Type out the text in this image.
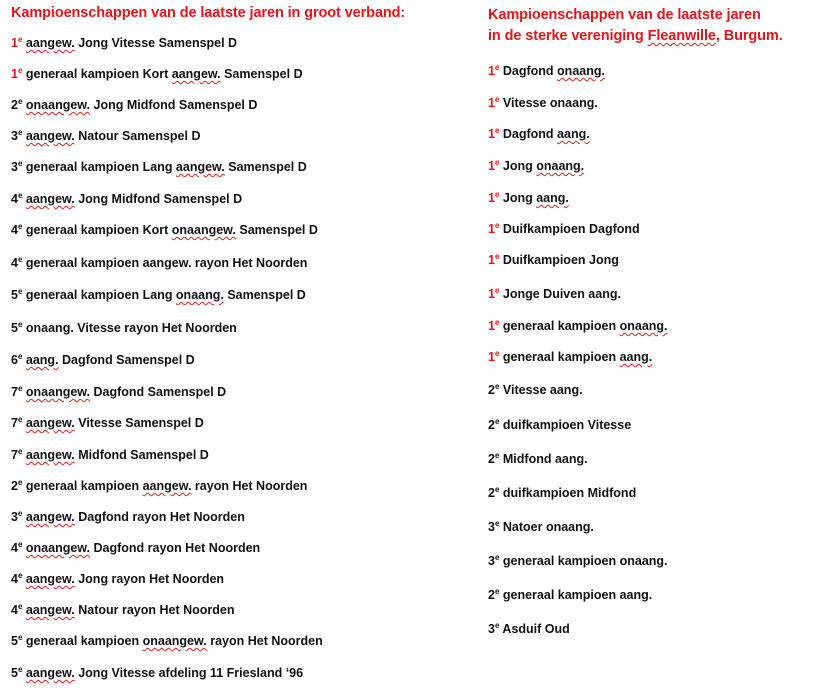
Kampioenschappen van de laatste jaren in groot verband:
1e aangew. Jong Vitesse Samenspel D
1e generaal kampioen Kort aangew. Samenspel D
2e onaangew. Jong Midfond Samenspel D
3e aangew. Natour Samenspel D
3e generaal kampioen Lang aangew. Samenspel D
4e aangew. Jong Midfond Samenspel D
4e generaal kampioen Kort onaangew. Samenspel D
4e generaal kampioen aangew. rayon Het Noorden
5e generaal kampioen Lang onaang. Samenspel D
5e onaang. Vitesse rayon Het Noorden
6e aang. Dagfond Samenspel D
7e onaangew. Dagfond Samenspel D
7e aangew. Vitesse Samenspel D
7e aangew. Midfond Samenspel D
2e generaal kampioen aangew. rayon Het Noorden
3e aangew. Dagfond rayon Het Noorden
4e onaangew. Dagfond rayon Het Noorden
4e aangew. Jong rayon Het Noorden
4e aangew. Natour rayon Het Noorden
5e generaal kampioen onaangew. rayon Het Noorden
5e aangew. Jong Vitesse afdeling 11 Friesland ‘96
Kampioenschappen van de laatste jaren
in de sterke vereniging Fleanwille, Burgum.
1e Dagfond onaang.
1e Vitesse onaang.
1e Dagfond aang.
1e Jong onaang.
1e Jong aang.
1e Duifkampioen Dagfond
1e Duifkampioen Jong
1e Jonge Duiven aang.
1e generaal kampioen onaang.
1e generaal kampioen aang.
2e Vitesse aang.
2e duifkampioen Vitesse
2e Midfond aang.
2e duifkampioen Midfond
3e Natoer onaang.
3e generaal kampioen onaang.
2e generaal kampioen aang.
3e Asduif Oud
